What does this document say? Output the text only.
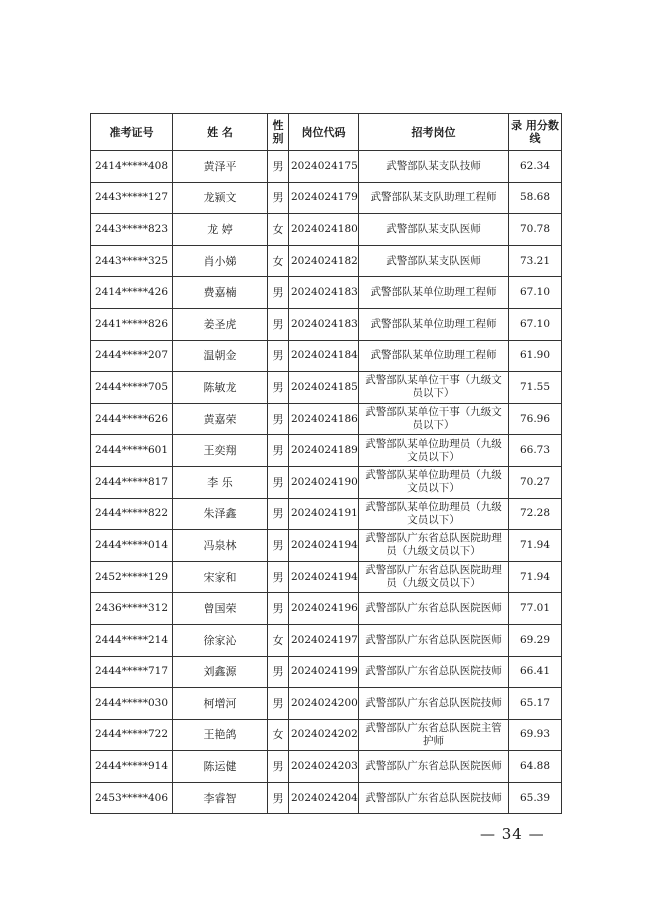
准考证号	姓 名	性别	岗位代码	招考岗位	录 用分数线
2414*****408	黄泽平	男	2024024175	武警部队某支队技师	62.34
2443*****127	龙颍文	男	2024024179	武警部队某支队助理工程师	58.68
2443*****823	龙 婷	女	2024024180	武警部队某支队医师	70.78
2443*****325	肖小娣	女	2024024182	武警部队某支队医师	73.21
2414*****426	费嘉楠	男	2024024183	武警部队某单位助理工程师	67.10
2441*****826	姜圣虎	男	2024024183	武警部队某单位助理工程师	67.10
2444*****207	温朝金	男	2024024184	武警部队某单位助理工程师	61.90
2444*****705	陈敏龙	男	2024024185	武警部队某单位干事（九级文员以下）	71.55
2444*****626	黄嘉荣	男	2024024186	武警部队某单位干事（九级文员以下）	76.96
2444*****601	王奕翔	男	2024024189	武警部队某单位助理员（九级文员以下）	66.73
2444*****817	李 乐	男	2024024190	武警部队某单位助理员（九级文员以下）	70.27
2444*****822	朱泽鑫	男	2024024191	武警部队某单位助理员（九级文员以下）	72.28
2444*****014	冯泉林	男	2024024194	武警部队广东省总队医院助理员（九级文员以下）	71.94
2452*****129	宋家和	男	2024024194	武警部队广东省总队医院助理员（九级文员以下）	71.94
2436*****312	曾国荣	男	2024024196	武警部队广东省总队医院医师	77.01
2444*****214	徐家沁	女	2024024197	武警部队广东省总队医院医师	69.29
2444*****717	刘鑫源	男	2024024199	武警部队广东省总队医院技师	66.41
2444*****030	柯增河	男	2024024200	武警部队广东省总队医院技师	65.17
2444*****722	王艳鸽	女	2024024202	武警部队广东省总队医院主管护师	69.93
2444*****914	陈运健	男	2024024203	武警部队广东省总队医院医师	64.88
2453*****406	李睿智	男	2024024204	武警部队广东省总队医院技师	65.39
— 34 —
